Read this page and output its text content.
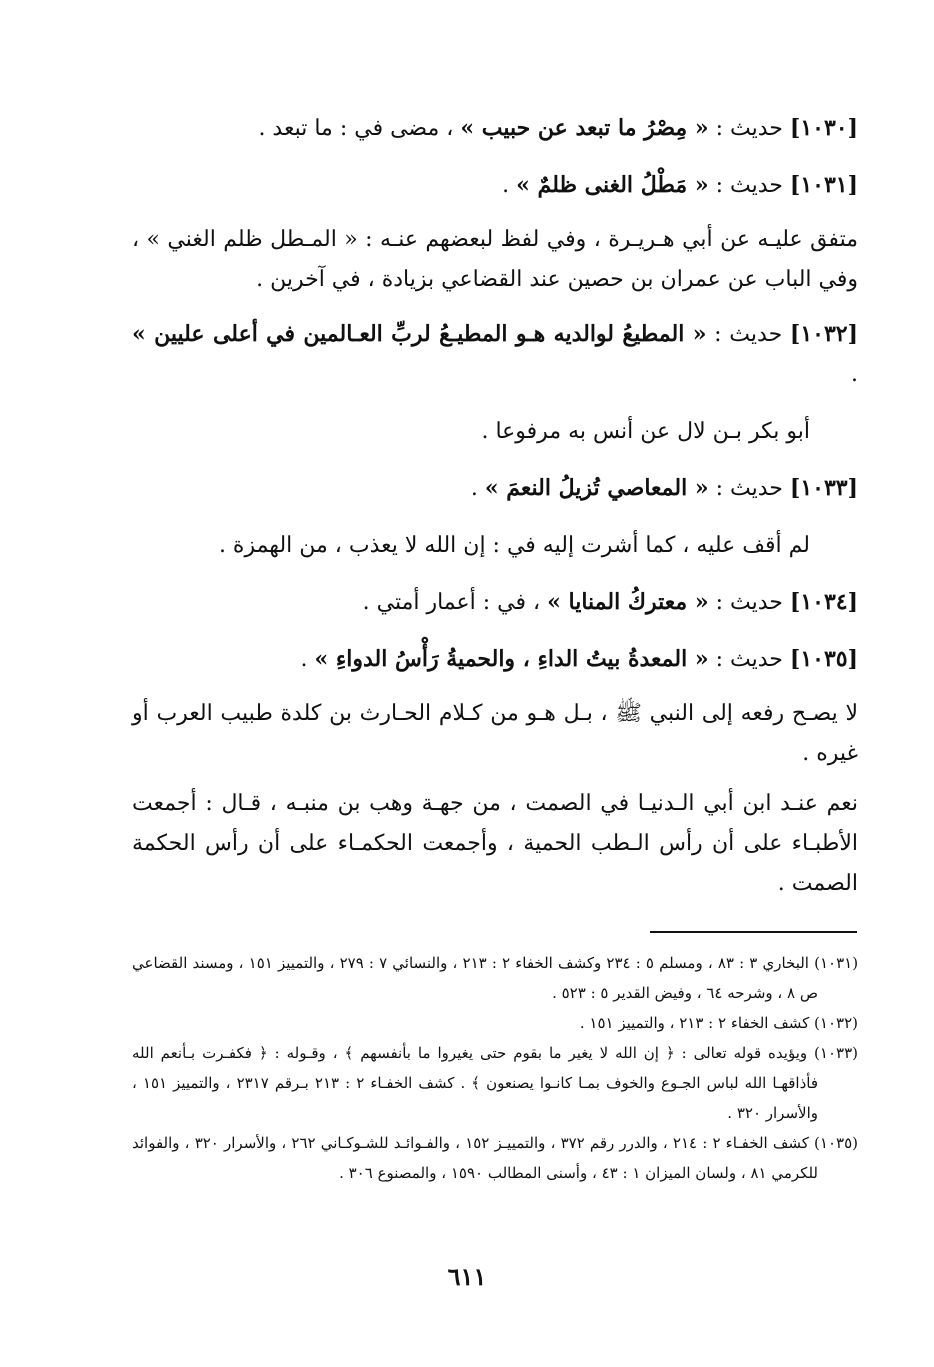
[١٠٣٠] حديث : « مِصْرُ ما تبعد عن حبيب » ، مضى في : ما تبعد .

[١٠٣١] حديث : « مَطْلُ الغنى ظلمٌ » .

متفق عليـه عن أبي هـريـرة ، وفي لفظ لبعضهم عنـه : « المـطل ظلم الغني » ، وفي الباب عن عمران بن حصين عند القضاعي بزيادة ، في آخرين .

[١٠٣٢] حديث : « المطيعُ لوالديه هـو المطيـعُ لربِّ العـالمين في أعلى عليين » .

أبو بكر بـن لال عن أنس به مرفوعا .

[١٠٣٣] حديث : « المعاصي تُزيلُ النعمَ » .

لم أقف عليه ، كما أشرت إليه في : إن الله لا يعذب ، من الهمزة .

[١٠٣٤] حديث : « معتركُ المنايا » ، في : أعمار أمتي .

[١٠٣٥] حديث : « المعدةُ بيتُ الداءِ ، والحميةُ رَأْسُ الدواءِ » .

لا يصـح رفعه إلى النبي ﷺ ، بـل هـو من كـلام الحـارث بن كلدة طبيب العرب أو غيره .

نعم عنـد ابن أبي الـدنيـا في الصمت ، من جهـة وهب بن منبـه ، قـال : أجمعت الأطبـاء على أن رأس الـطب الحمية ، وأجمعت الحكمـاء على أن رأس الحكمة الصمت .

(١٠٣١) البخاري ٣ : ٨٣ ، ومسلم ٥ : ٢٣٤ وكشف الخفاء ٢ : ٢١٣ ، والنسائي ٧ : ٢٧٩ ، والتمييز ١٥١ ، ومسند القضاعي ص ٨ ، وشرحه ٦٤ ، وفيض القدير ٥ : ٥٢٣ .

(١٠٣٢) كشف الخفاء ٢ : ٢١٣ ، والتمييز ١٥١ .

(١٠٣٣) ويؤيده قوله تعالى : ﴿ إن الله لا يغير ما بقوم حتى يغيروا ما بأنفسهم ﴾ ، وقـوله : ﴿ فكفـرت بـأنعم الله فأذاقهـا الله لباس الجـوع والخوف بمـا كانـوا يصنعون ﴾ . كشف الخفـاء ٢ : ٢١٣ بـرقم ٢٣١٧ ، والتمييز ١٥١ ، والأسرار ٣٢٠ .

(١٠٣٥) كشف الخفـاء ٢ : ٢١٤ ، والدرر رقم ٣٧٢ ، والتمييـز ١٥٢ ، والفـوائـد للشـوكـاني ٢٦٢ ، والأسرار ٣٢٠ ، والفوائد للكرمي ٨١ ، ولسان الميزان ١ : ٤٣ ، وأسنى المطالب ١٥٩٠ ، والمصنوع ٣٠٦ .

٦١١
